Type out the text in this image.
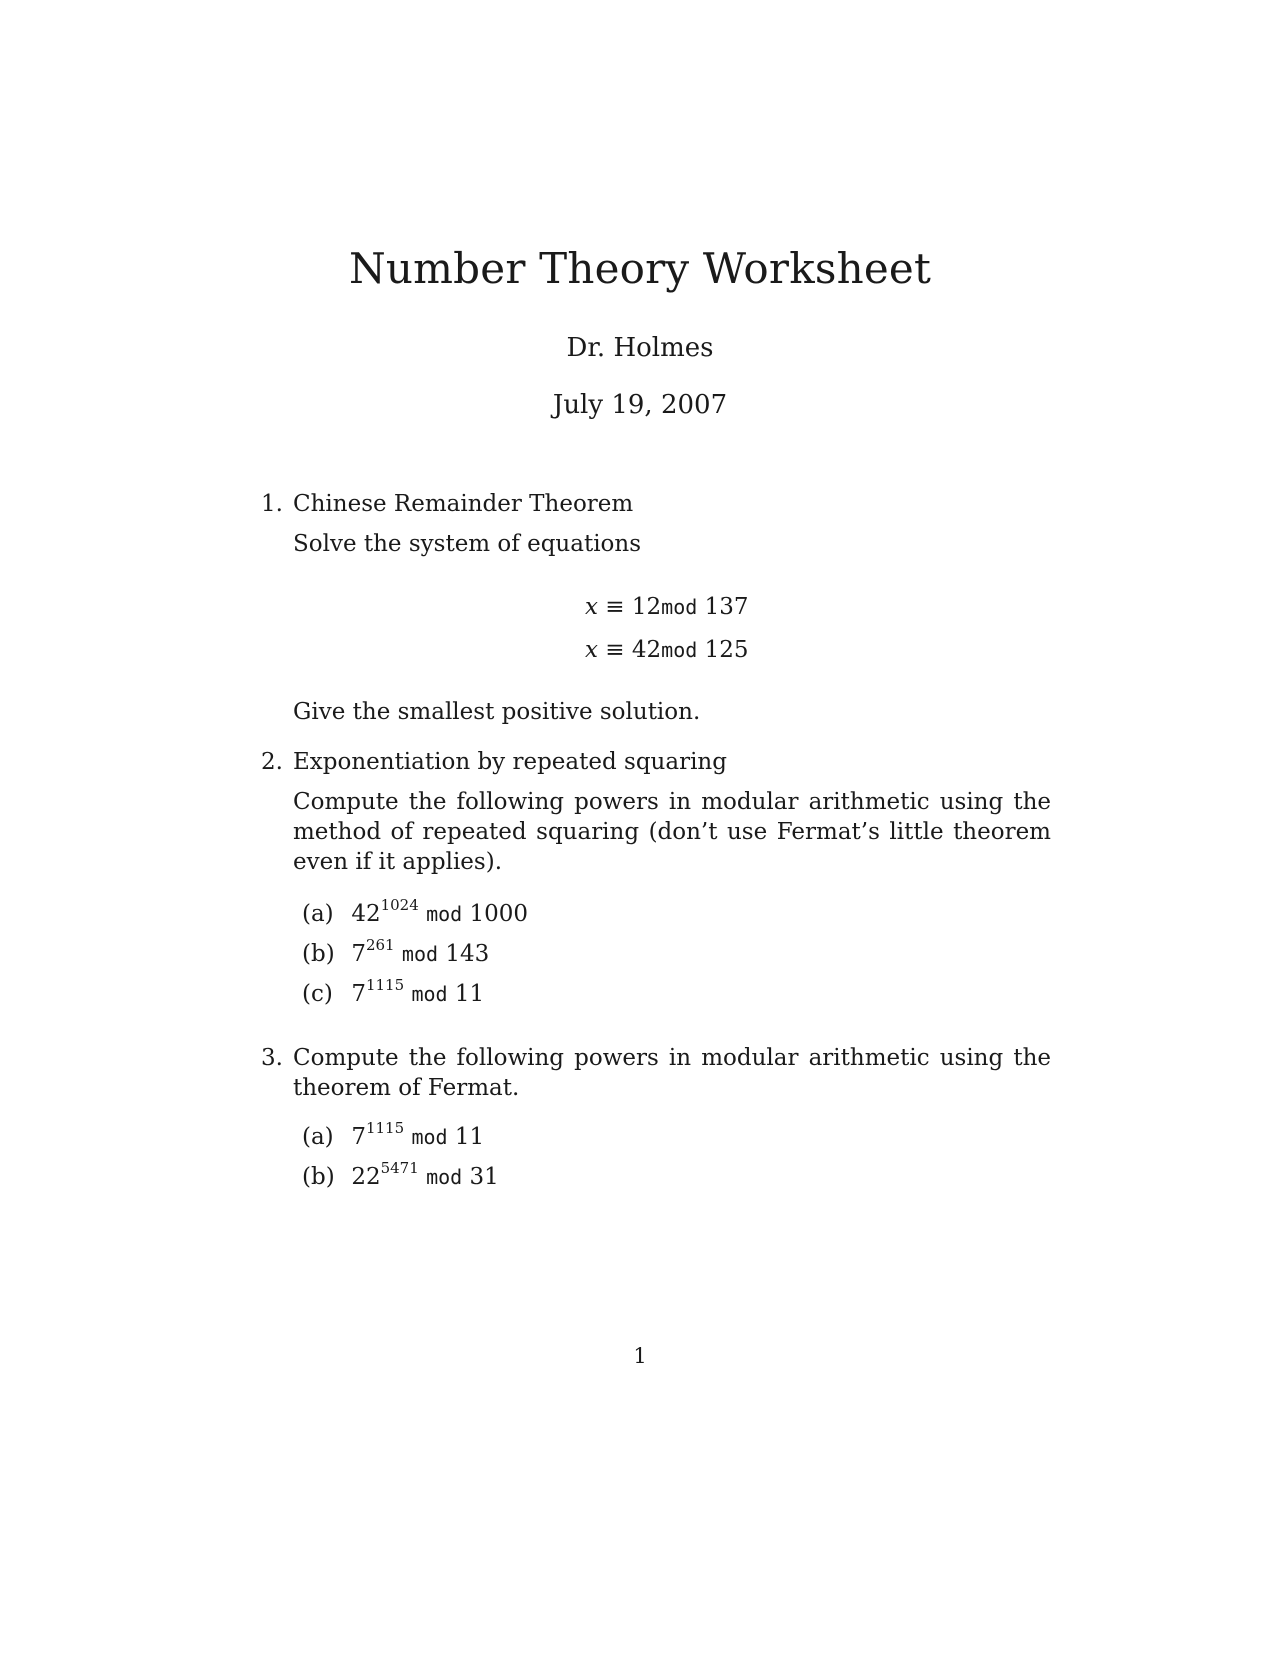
Number Theory Worksheet
Dr. Holmes
July 19, 2007
1. Chinese Remainder Theorem
Solve the system of equations
x ≡ 12mod 137
x ≡ 42mod 125
Give the smallest positive solution.
2. Exponentiation by repeated squaring
Compute the following powers in modular arithmetic using the method of repeated squaring (don’t use Fermat’s little theorem even if it applies).
(a) $42^{1024}$ mod 1000
(b) $7^{261}$ mod 143
(c) $7^{1115}$ mod 11
3. Compute the following powers in modular arithmetic using the theorem of Fermat.
(a) $7^{1115}$ mod 11
(b) $22^{5471}$ mod 31
1
